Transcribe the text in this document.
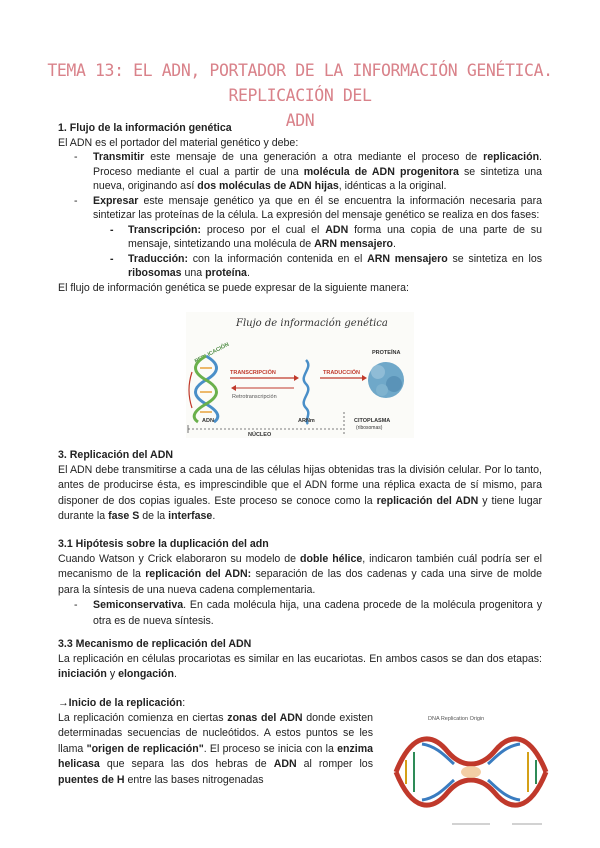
TEMA 13: EL ADN, PORTADOR DE LA INFORMACIÓN GENÉTICA. REPLICACIÓN DEL
ADN
1. Flujo de la información genética
El ADN es el portador del material genético y debe:
- Transmitir este mensaje de una generación a otra mediante el proceso de replicación. Proceso mediante el cual a partir de una molécula de ADN progenitora se sintetiza una nueva, originando así dos moléculas de ADN hijas, idénticas a la original.
- Expresar este mensaje genético ya que en él se encuentra la información necesaria para sintetizar las proteínas de la célula. La expresión del mensaje genético se realiza en dos fases:
- Transcripción: proceso por el cual el ADN forma una copia de una parte de su mensaje, sintetizando una molécula de ARN mensajero.
- Traducción: con la información contenida en el ARN mensajero se sintetiza en los ribosomas una proteína.
El flujo de información genética se puede expresar de la siguiente manera:
Flujo de información genética
REPLICACIÓN
TRANSCRIPCIÓN
Retrotranscripción
TRADUCCIÓN
PROTEÍNA
ADN	ARNm
NÚCLEO
CITOPLASMA
(ribosomas)
3. Replicación del ADN
El ADN debe transmitirse a cada una de las células hijas obtenidas tras la división celular. Por lo tanto, antes de producirse ésta, es imprescindible que el ADN forme una réplica exacta de sí mismo, para disponer de dos copias iguales. Este proceso se conoce como la replicación del ADN y tiene lugar durante la fase S de la interfase.
3.1 Hipótesis sobre la duplicación del adn
Cuando Watson y Crick elaboraron su modelo de doble hélice, indicaron también cuál podría ser el mecanismo de la replicación del ADN: separación de las dos cadenas y cada una sirve de molde para la síntesis de una nueva cadena complementaria.
- Semiconservativa. En cada molécula hija, una cadena procede de la molécula progenitora y otra es de nueva síntesis.
3.3 Mecanismo de replicación del ADN
La replicación en células procariotas es similar en las eucariotas. En ambos casos se dan dos etapas: iniciación y elongación.
→Inicio de la replicación:
La replicación comienza en ciertas zonas del ADN donde existen determinadas secuencias de nucleótidos. A estos puntos se les llama "origen de replicación". El proceso se inicia con la enzima helicasa que separa las dos hebras de ADN al romper los puentes de H entre las bases nitrogenadas
DNA Replication Origin
